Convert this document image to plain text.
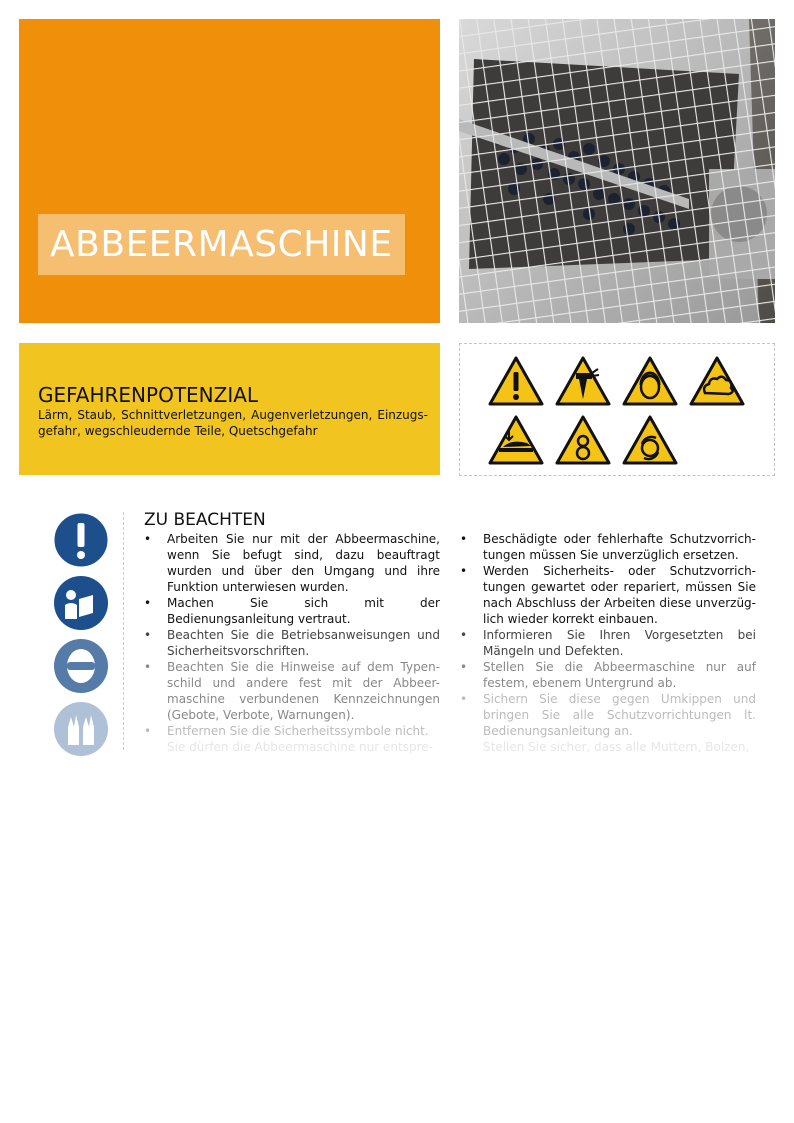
ABBEERMASCHINE
GEFAHRENPOTENZIAL

Lärm, Staub, Schnittverletzungen, Augenverletzungen, Einzugs-gefahr, wegschleudernde Teile, Quetschgefahr

ZU BEACHTEN
• Arbeiten Sie nur mit der Abbeermaschine, wenn Sie befugt sind, dazu beauftragt wurden und über den Umgang und ihre Funktion unterwiesen wurden.
• Machen Sie sich mit der Bedienungsanleitung vertraut.
• Beachten Sie die Betriebsanweisungen und Sicherheitsvorschriften.
• Beachten Sie die Hinweise auf dem Typen-schild und andere fest mit der Abbeer-maschine verbundenen Kennzeichnungen (Gebote, Verbote, Warnungen).
• Entfernen Sie die Sicherheitssymbole nicht.
• Sie dürfen die Abbeermaschine nur entspre-
• Beschädigte oder fehlerhafte Schutzvorrich-tungen müssen Sie unverzüglich ersetzen.
• Werden Sicherheits- oder Schutzvorrich-tungen gewartet oder repariert, müssen Sie nach Abschluss der Arbeiten diese unverzüg-lich wieder korrekt einbauen.
• Informieren Sie Ihren Vorgesetzten bei Mängeln und Defekten.
• Stellen Sie die Abbeermaschine nur auf festem, ebenem Untergrund ab.
• Sichern Sie diese gegen Umkippen und bringen Sie alle Schutzvorrichtungen lt. Bedienungsanleitung an.
• Stellen Sie sicher, dass alle Muttern, Bolzen,
